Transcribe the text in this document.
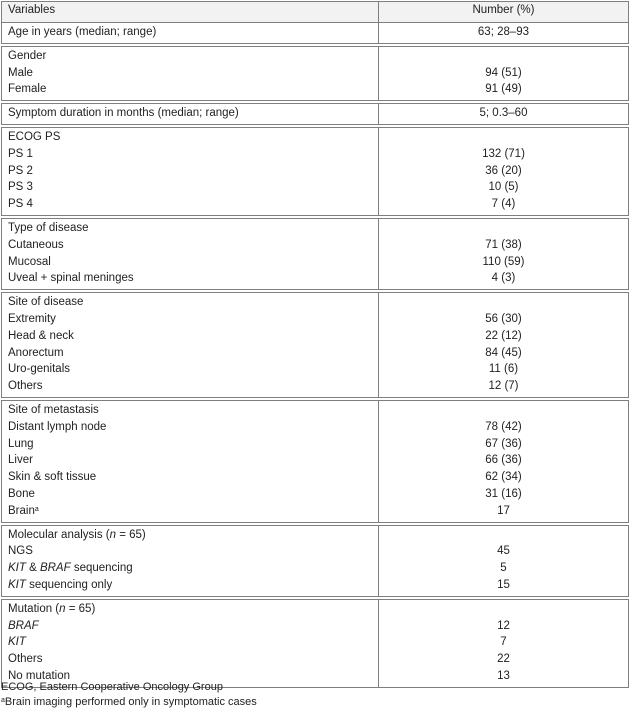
Variables	Number (%)
Age in years (median; range)	63; 28–93

Gender	
Male	94 (51)
Female	91 (49)

Symptom duration in months (median; range)	5; 0.3–60

ECOG PS	
PS 1	132 (71)
PS 2	36 (20)
PS 3	10 (5)
PS 4	7 (4)

Type of disease	
Cutaneous	71 (38)
Mucosal	110 (59)
Uveal + spinal meninges	4 (3)

Site of disease	
Extremity	56 (30)
Head & neck	22 (12)
Anorectum	84 (45)
Uro-genitals	11 (6)
Others	12 (7)

Site of metastasis	
Distant lymph node	78 (42)
Lung	67 (36)
Liver	66 (36)
Skin & soft tissue	62 (34)
Bone	31 (16)
Brain$^a$	17

Molecular analysis (n = 65)	
NGS	45
KIT & BRAF sequencing	5
KIT sequencing only	15

Mutation (n = 65)	
BRAF	12
KIT	7
Others	22
No mutation	13
ECOG, Eastern Cooperative Oncology Group
$^a$Brain imaging performed only in symptomatic cases
